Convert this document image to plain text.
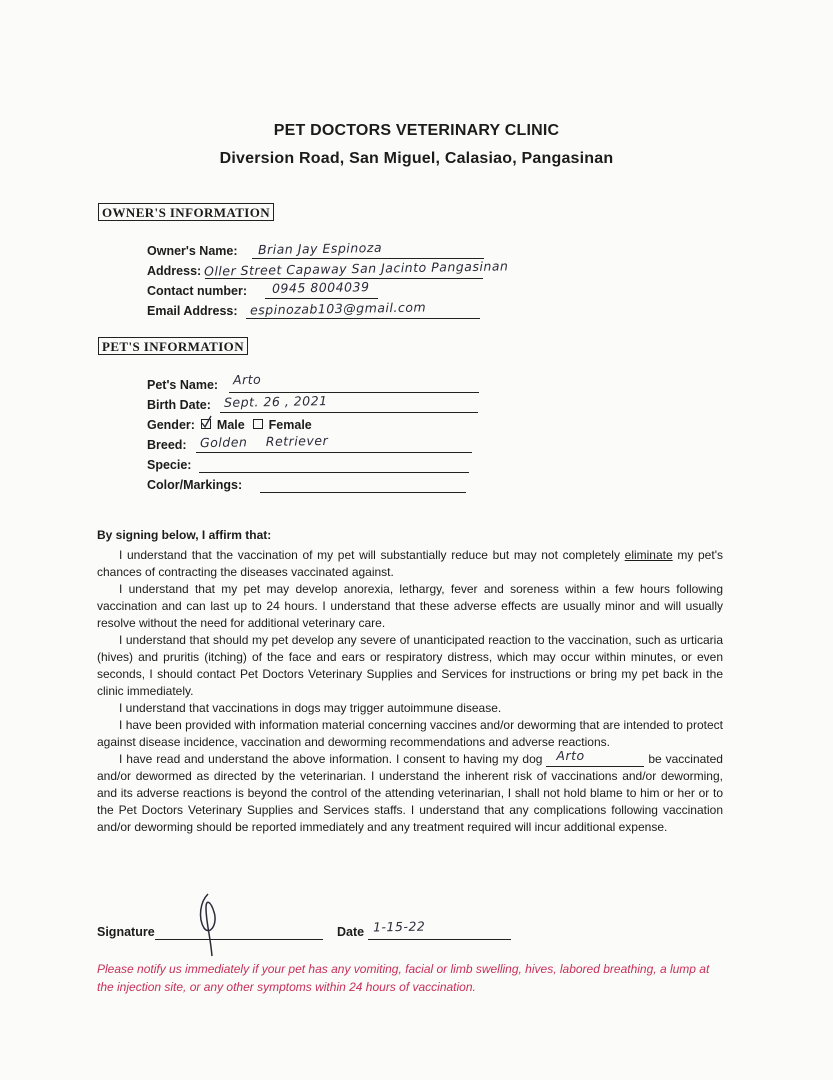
PET DOCTORS VETERINARY CLINIC
Diversion Road, San Miguel, Calasiao, Pangasinan
OWNER'S INFORMATION
Owner's Name: Brian Jay Espinoza
Address: Oller Street Capaway San Jacinto Pangasinan
Contact number: 0945 8004039
Email Address: espinozab103@gmail.com
PET'S INFORMATION
Pet's Name: Arto
Birth Date: Sept. 26 , 2021
Gender: Male Female
Breed: Golden Retriever
Specie:
Color/Markings:
By signing below, I affirm that:

I understand that the vaccination of my pet will substantially reduce but may not completely eliminate my pet's chances of contracting the diseases vaccinated against.

I understand that my pet may develop anorexia, lethargy, fever and soreness within a few hours following vaccination and can last up to 24 hours. I understand that these adverse effects are usually minor and will usually resolve without the need for additional veterinary care.

I understand that should my pet develop any severe of unanticipated reaction to the vaccination, such as urticaria (hives) and pruritis (itching) of the face and ears or respiratory distress, which may occur within minutes, or even seconds, I should contact Pet Doctors Veterinary Supplies and Services for instructions or bring my pet back in the clinic immediately.

I understand that vaccinations in dogs may trigger autoimmune disease.

I have been provided with information material concerning vaccines and/or deworming that are intended to protect against disease incidence, vaccination and deworming recommendations and adverse reactions.

I have read and understand the above information. I consent to having my dog Arto	be vaccinated and/or dewormed as directed by the veterinarian. I understand the inherent risk of vaccinations and/or deworming, and its adverse reactions is beyond the control of the attending veterinarian, I shall not hold blame to him or her or to the Pet Doctors Veterinary Supplies and Services staffs. I understand that any complications following vaccination and/or deworming should be reported immediately and any treatment required will incur additional expense.

Signature	Date 1-15-22
Please notify us immediately if your pet has any vomiting, facial or limb swelling, hives, labored breathing, a lump at the injection site, or any other symptoms within 24 hours of vaccination.
